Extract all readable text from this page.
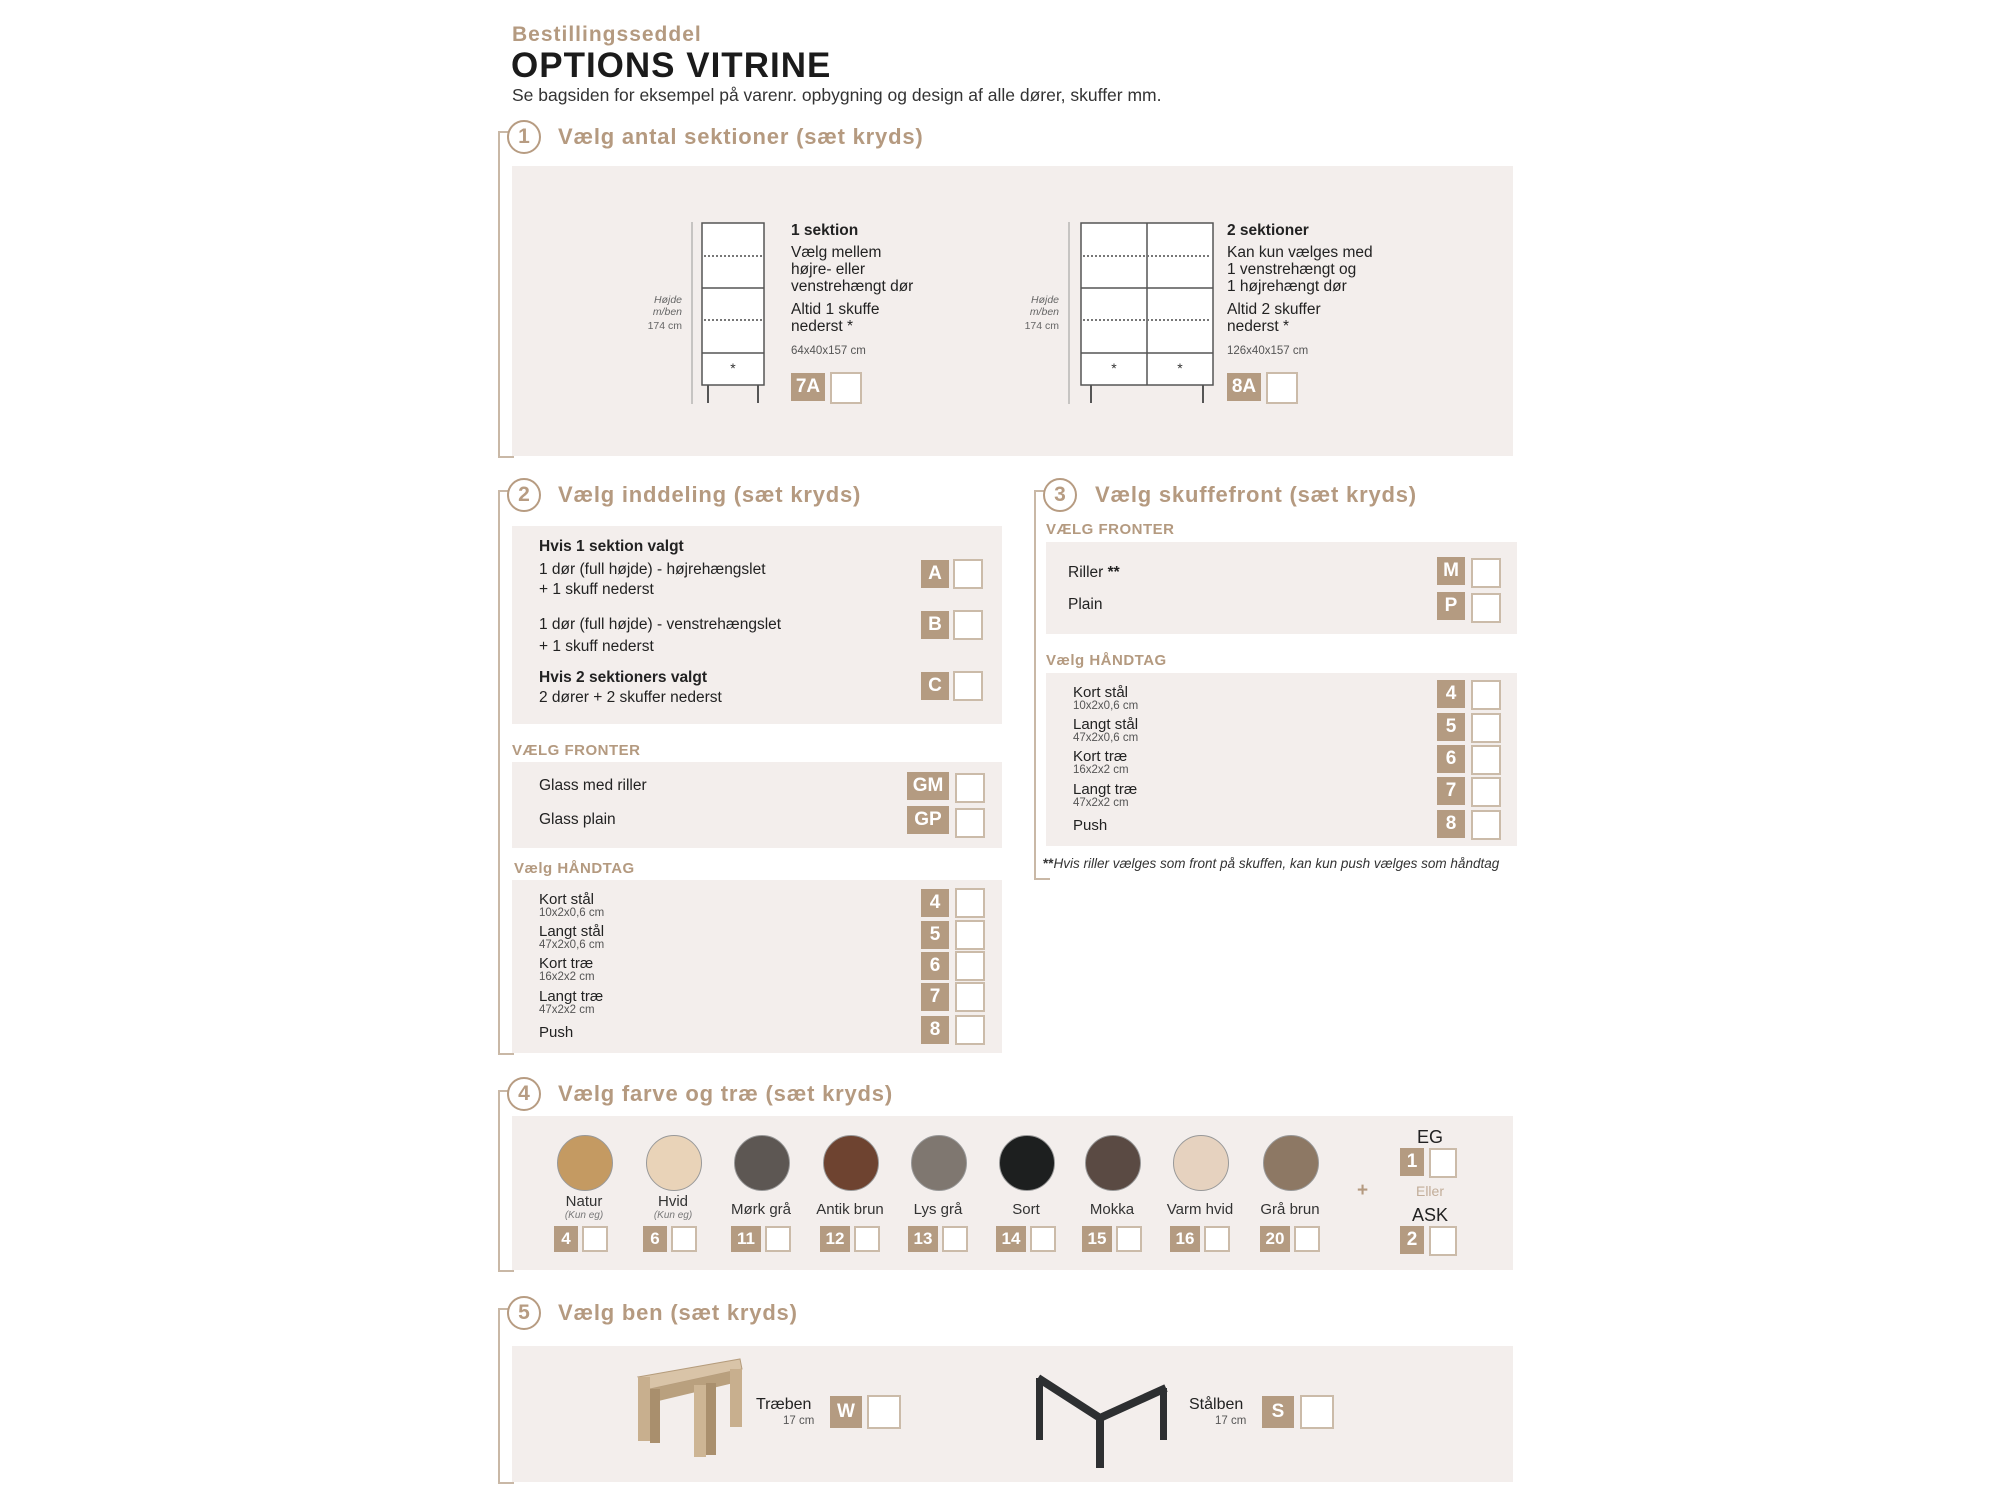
Bestillingsseddel
OPTIONS VITRINE
Se bagsiden for eksempel på varenr. opbygning og design af alle dører, skuffer mm.
1	Vælg antal sektioner (sæt kryds)
Højde
m/ben
174 cm
*
1 sektion
Vælg mellem
højre- eller
venstrehængt dør
Altid 1 skuffe
nederst *
64x40x157 cm
7A
Højde
m/ben
174 cm
*	*
2 sektioner
Kan kun vælges med
1 venstrehængt og
1 højrehængt dør
Altid 2 skuffer
nederst *
126x40x157 cm
8A
2	Vælg inddeling (sæt kryds)
Hvis 1 sektion valgt
1 dør (full højde) - højrehængslet
+ 1 skuff nederst
A
1 dør (full højde) - venstrehængslet
+ 1 skuff nederst
B
Hvis 2 sektioners valgt
2 dører + 2 skuffer nederst
C
VÆLG FRONTER
Glass med riller	GM
Glass plain	GP
Vælg HÅNDTAG
Kort stål
10x2x0,6 cm	4
Langt stål
47x2x0,6 cm	5
Kort træ
16x2x2 cm
6
Langt træ
47x2x2 cm
7
Push	8
3	Vælg skuffefront (sæt kryds)
VÆLG FRONTER
Riller **	M
Plain	P
Vælg HÅNDTAG
Kort stål
10x2x0,6 cm
4
Langt stål
47x2x0,6 cm
5
Kort træ
16x2x2 cm
6
Langt træ
47x2x2 cm
7
Push	8
**Hvis riller vælges som front på skuffen, kan kun push vælges som håndtag
4	Vælg farve og træ (sæt kryds)
Natur
(Kun eg)
4
Hvid
(Kun eg)
6
Mørk grå
11
Antik brun
12
Lys grå
13
Sort
14
Mokka
15
Varm hvid
16
Grå brun
20
+
EG
1
Eller
ASK
2
5	Vælg ben (sæt kryds)
Træben
17 cm	W	Stålben
17 cm	S
